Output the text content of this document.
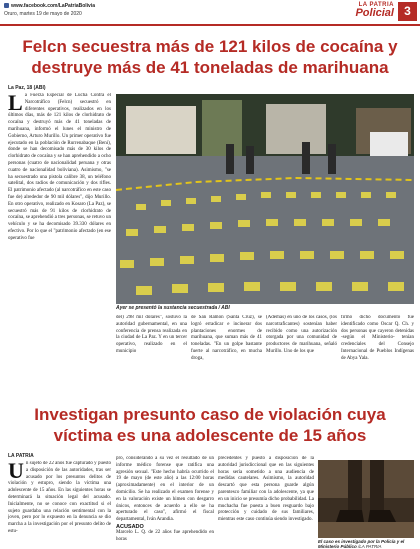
www.facebook.com/LaPatriaBolivia
Oruro, martes 19 de mayo de 2020
LA PATRIA
Policial 3
Felcn secuestra más de 121 kilos de cocaína y destruye más de 41 toneladas de marihuana
La Paz, 18 (ABI)
La Fuerza Especial de Lucha Contra el Narcotráfico (Felcn) secuestró en diferentes operativos, realizados en los últimos días, más de 121 kilos de clorhidrato de cocaína y destruyó más de 41 toneladas de marihuana, informó el lunes el ministro de Gobierno, Arturo Murillo. Un primer operativo fue ejecutado en la población de Rurrenabaque (Beni), donde se han decomisado más de 30 kilos de clorhidrato de cocaína y se han aprehendido a ocho personas (cuatro de nacionalidad peruana y otras cuatro de nacionalidad boliviana). Asimismo, "se ha secuestrado una pistola calibre 38, un teléfono satelital, dos radios de comunicación y dos rifles. El patrimonio afectado (al narcotráfico en este caso fue de) alrededor de 90 mil dólares", dijo Murillo. En otro operativo, realizado en Kosaro (La Paz), se secuestró más de 91 kilos de clorhidrato de cocaína, se aprehendió a tres personas, se retuvo un vehículo y se ha decomisado 39.330 dólares en efectivo. Por lo que el "patrimonio afectado (en ese operativo fue
Ayer se presentó la sustancia secuestrada / ABI
del) 298 mil dólares", sostuvo la autoridad gubernamental, en una conferencia de prensa realizada en la ciudad de La Paz. Y en un tercer operativo, realizado en el municipio
de San Ramón (Santa Cruz), se logró erradicar e incinerar dos plantaciones enormes de marihuana, que suman más de 41 toneladas. "En un golpe bastante fuerte al narcotráfico, en mucha droga,
(Además) en uno de los casos, (los narcotraficantes) sostenían haber recibido como una autorización otorgada por una comunidad de productores de marihuana, señaló Murillo. Uno de los que
firmó dicho documento fue identificado como Oscar Q. Ch. y dos personas que cayeron detenidas -según el Ministerio- tenían credenciales del Consejo Internacional de Pueblos Indígenas de Abya Yala.
Investigan presunto caso de violación cuya víctima es una adolescente de 15 años
LA PATRIA
Un sujeto de 22 años fue capturado y puesto a disposición de las autoridades, tras ser acusado por los presuntos delitos de violación y estupro, siendo la víctima una adolescente de 15 años. En las siguientes horas se determinará la situación legal del acusado. Inicialmente, no se conoce con exactitud si el sujeto guardaba una relación sentimental con la joven, pero por lo expuesto en la denuncia se dio marcha a la investigación por el presunto delito de estu-
pro, considerando a su vez el resultado de un informe médico forense que ratifica una agresión sexual. "Este hecho habría ocurrido el 19 de mayo (de este año) a las 12:00 horas (aproximadamente) en el interior de un domicilio. Se ha realizado el examen forense y en la valoración existe un himen con desgarro únicos, entonces de acuerdo a ello se ha aperturado el caso", afirmó el fiscal departamental, Iván Arandia.
ACUSADO
Marcelo L. Q. de 22 años fue aprehendido en horas
precedentes y puesto a disposición de la autoridad jurisdiccional que en las siguientes horas sería sometido a una audiencia de medidas cautelares. Asimismo, la autoridad descartó que esta persona guarde algún parentesco familiar con la adolescente, ya que en un inicio se presumía dicho probabilidad. La muchacha fue puesta a buen resguardo bajo protección y cuidado de sus familiares, mientras este caso continúa siendo investigado.
El caso es investigado por la Policía y el Ministerio Público /LA PATRIA
